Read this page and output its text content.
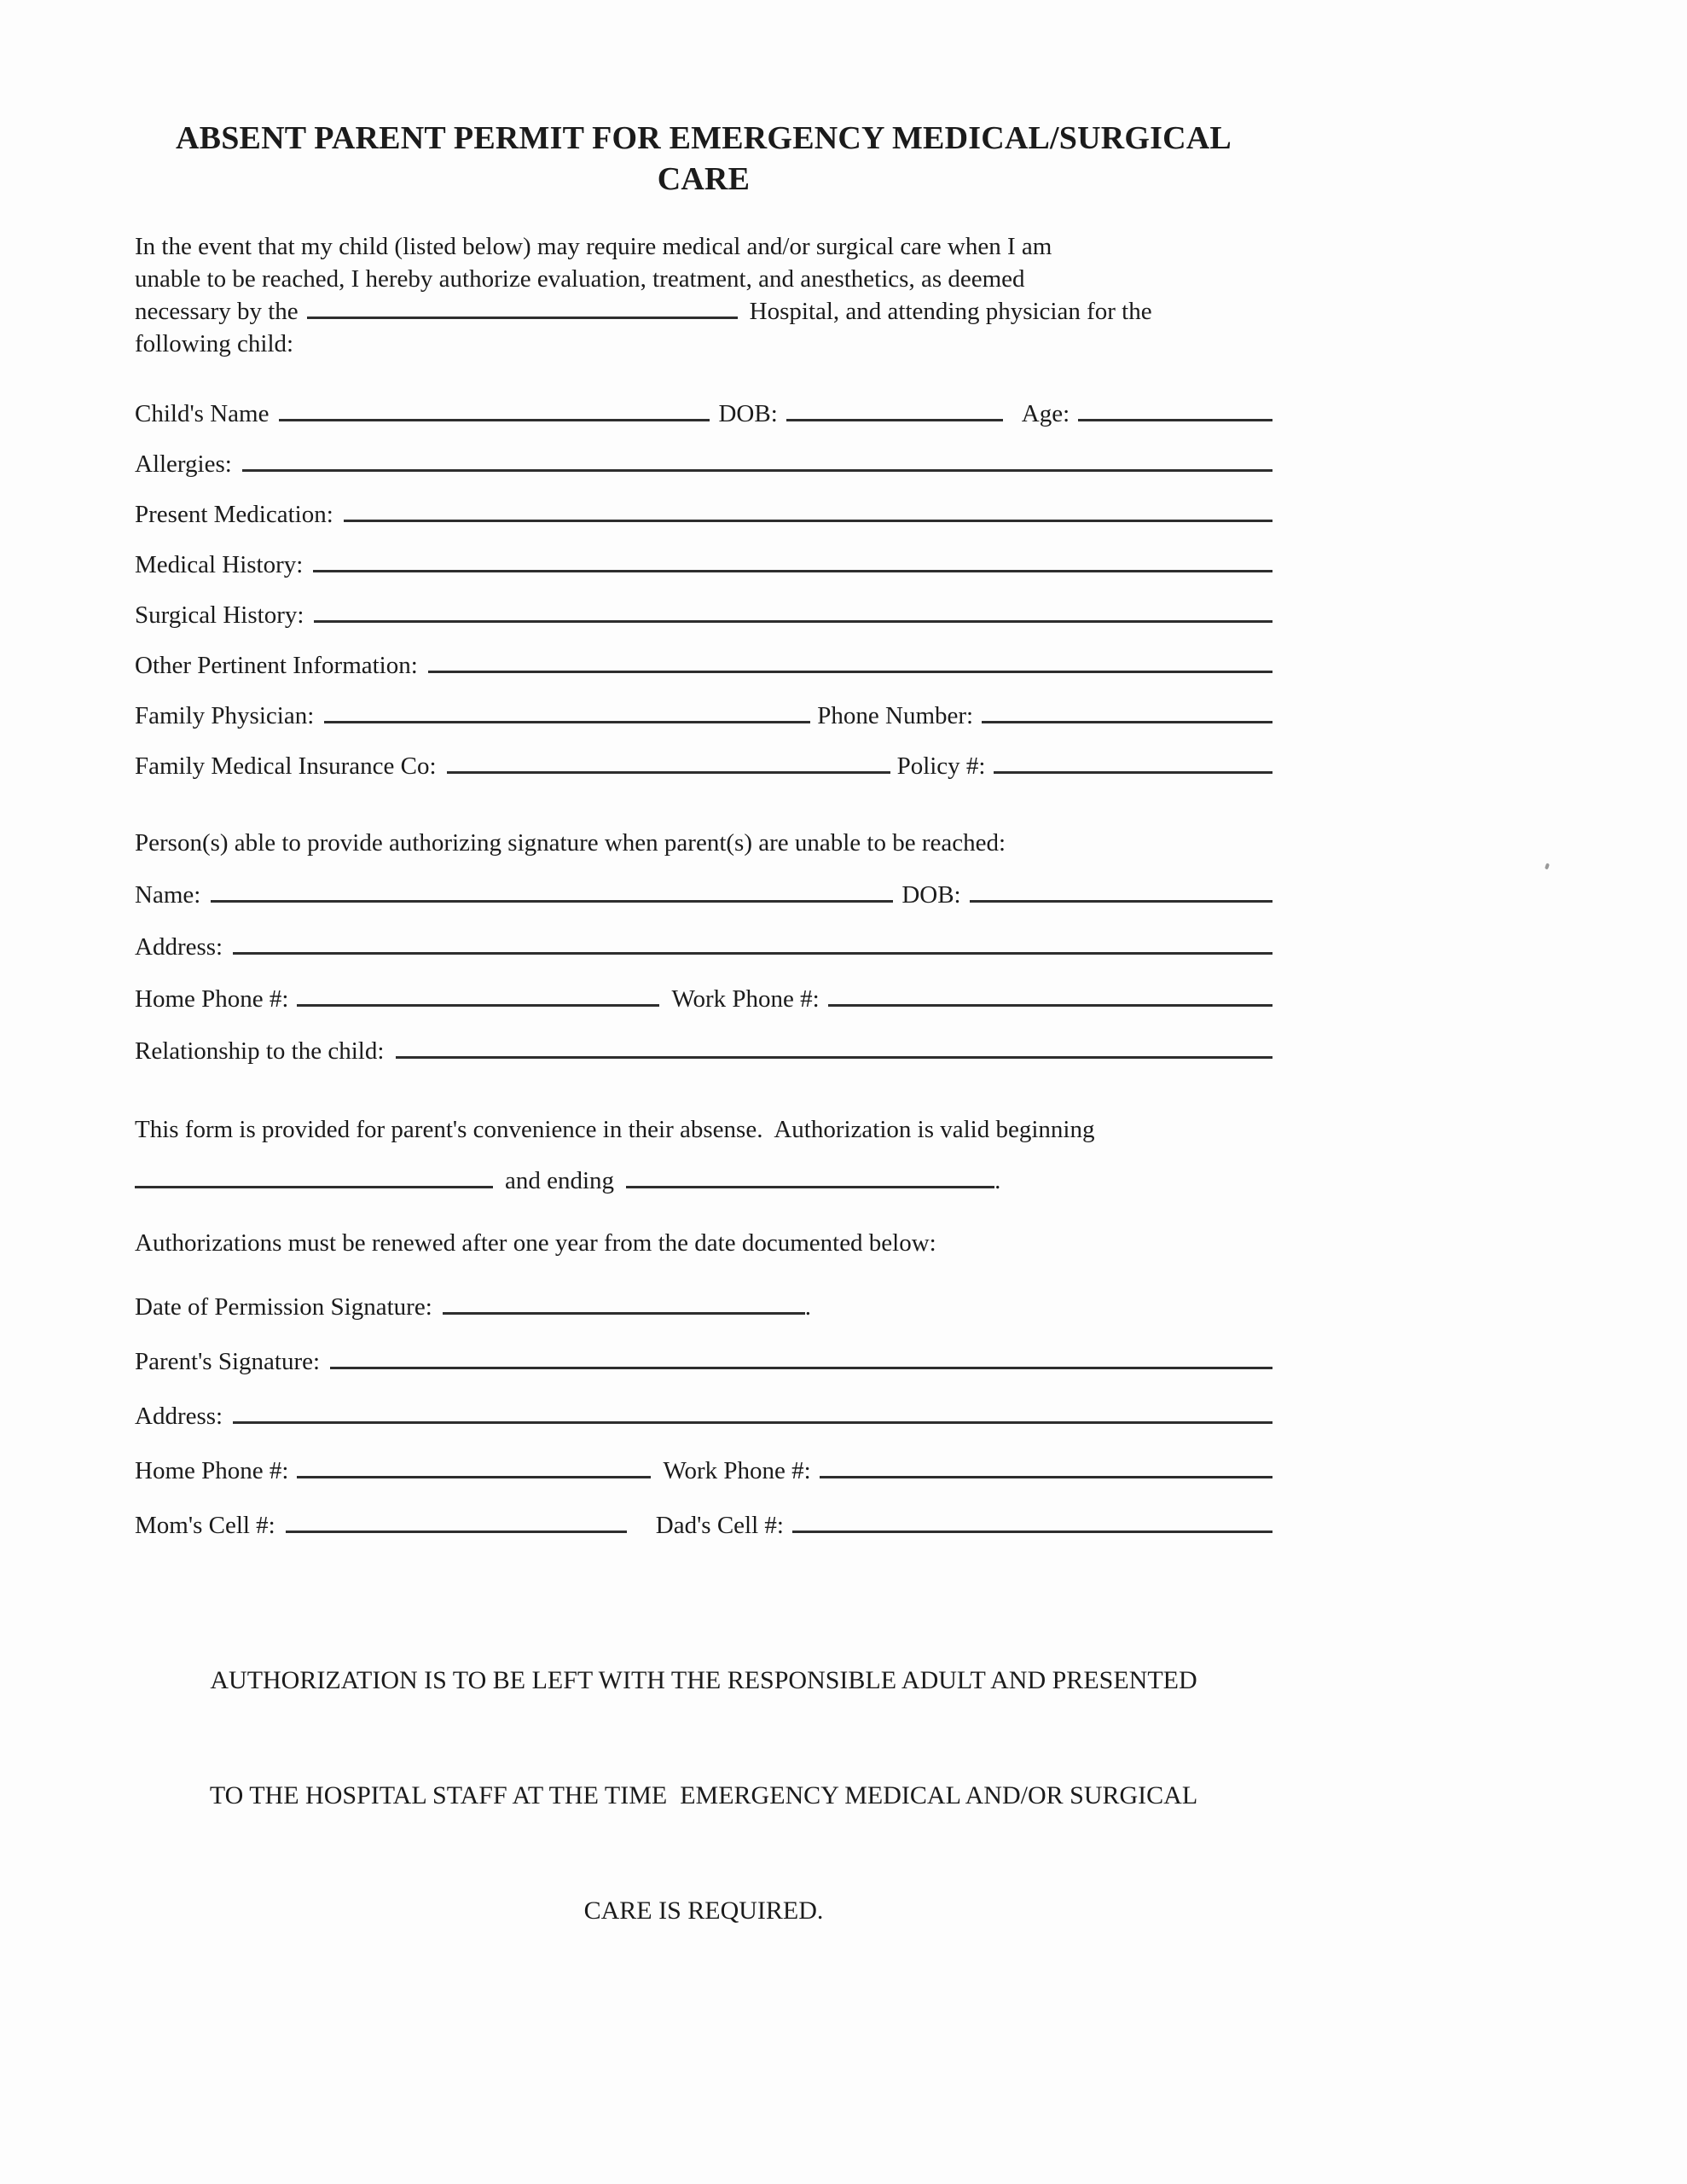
ABSENT PARENT PERMIT FOR EMERGENCY MEDICAL/SURGICAL CARE
In the event that my child (listed below) may require medical and/or surgical care when I am
unable to be reached, I hereby authorize evaluation, treatment, and anesthetics, as deemed
necessary by the	Hospital, and attending physician for the
following child:
Child's Name	DOB:	Age:
Allergies:
Present Medication:
Medical History:
Surgical History:
Other Pertinent Information:
Family Physician:	Phone Number:
Family Medical Insurance Co:	Policy #:
Person(s) able to provide authorizing signature when parent(s) are unable to be reached:
Name:	DOB:
Address:
Home Phone #:	Work Phone #:
Relationship to the child:
This form is provided for parent's convenience in their absense.  Authorization is valid beginning
and ending	.
Authorizations must be renewed after one year from the date documented below:
Date of Permission Signature:	.
Parent's Signature:
Address:
Home Phone #:	Work Phone #:
Mom's Cell #:	Dad's Cell #:

AUTHORIZATION IS TO BE LEFT WITH THE RESPONSIBLE ADULT AND PRESENTED

TO THE HOSPITAL STAFF AT THE TIME  EMERGENCY MEDICAL AND/OR SURGICAL

CARE IS REQUIRED.
